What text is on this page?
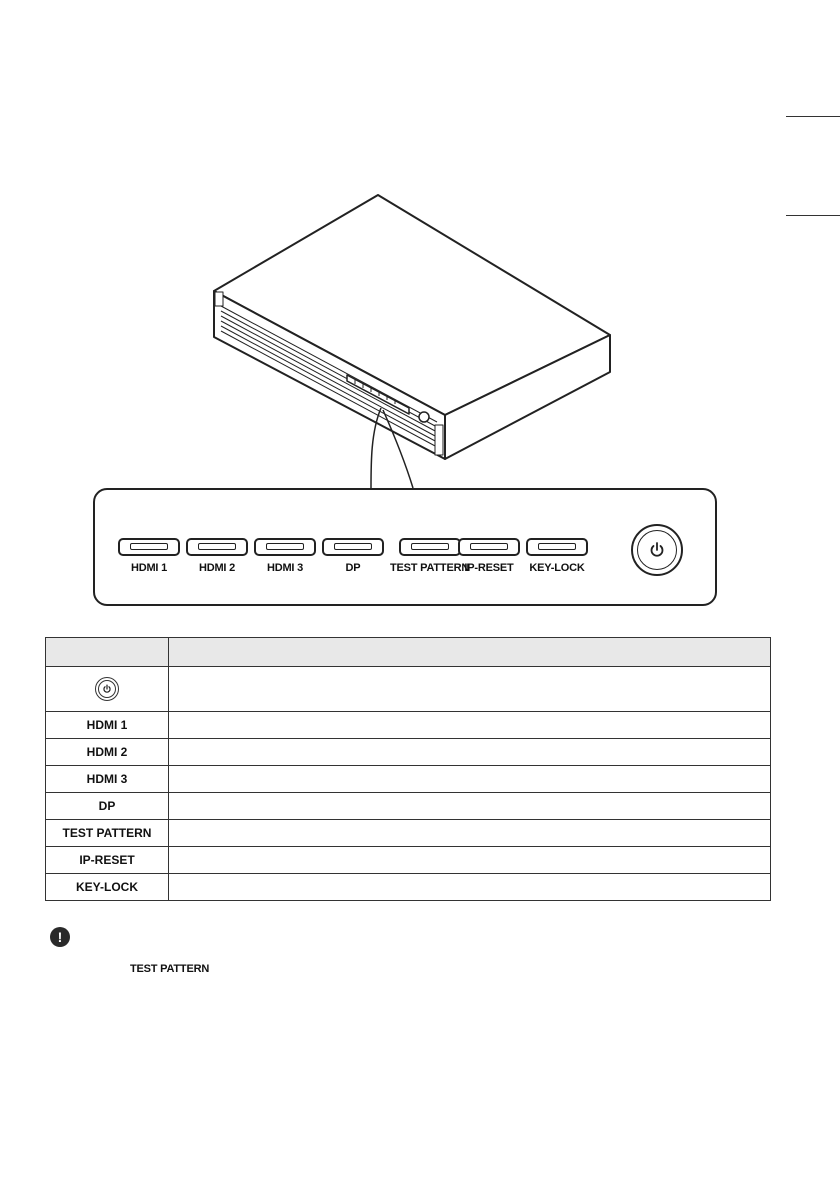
HDMI 1	HDMI 2	HDMI 3	DP	TEST PATTERN
IP-RESET	KEY-LOCK

HDMI 1	
HDMI 2	
HDMI 3	
DP	
TEST PATTERN	
IP-RESET	
KEY-LOCK	
!
TEST PATTERN
